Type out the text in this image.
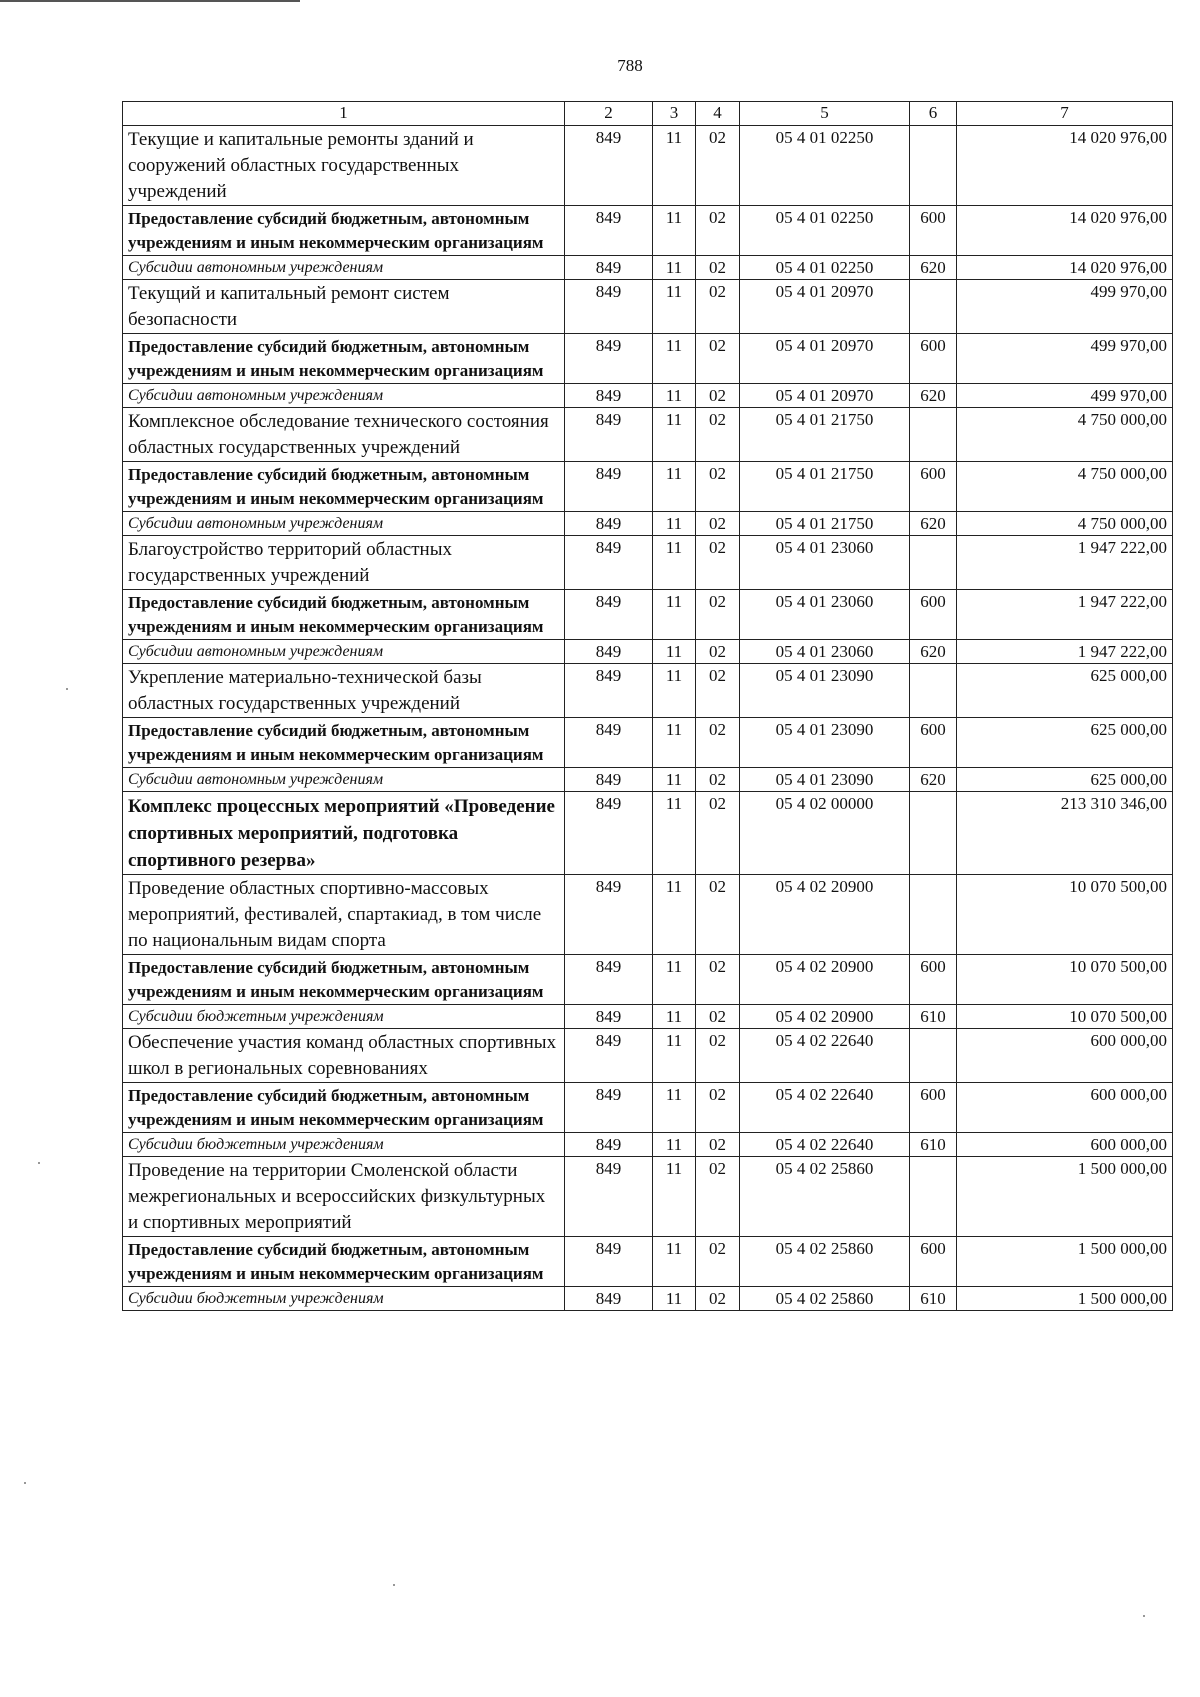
788
1	2	3	4	5	6	7
Текущие и капитальные ремонты зданий и сооружений областных государственных учреждений	849	11	02	05 4 01 02250		14 020 976,00
Предоставление субсидий бюджетным, автономным учреждениям и иным некоммерческим организациям	849	11	02	05 4 01 02250	600	14 020 976,00
Субсидии автономным учреждениям	849	11	02	05 4 01 02250	620	14 020 976,00
Текущий и капитальный ремонт систем безопасности	849	11	02	05 4 01 20970		499 970,00
Предоставление субсидий бюджетным, автономным учреждениям и иным некоммерческим организациям	849	11	02	05 4 01 20970	600	499 970,00
Субсидии автономным учреждениям	849	11	02	05 4 01 20970	620	499 970,00
Комплексное обследование технического состояния областных государственных учреждений	849	11	02	05 4 01 21750		4 750 000,00
Предоставление субсидий бюджетным, автономным учреждениям и иным некоммерческим организациям	849	11	02	05 4 01 21750	600	4 750 000,00
Субсидии автономным учреждениям	849	11	02	05 4 01 21750	620	4 750 000,00
Благоустройство территорий областных государственных учреждений	849	11	02	05 4 01 23060		1 947 222,00
Предоставление субсидий бюджетным, автономным учреждениям и иным некоммерческим организациям	849	11	02	05 4 01 23060	600	1 947 222,00
Субсидии автономным учреждениям	849	11	02	05 4 01 23060	620	1 947 222,00
Укрепление материально-технической базы областных государственных учреждений	849	11	02	05 4 01 23090		625 000,00
Предоставление субсидий бюджетным, автономным учреждениям и иным некоммерческим организациям	849	11	02	05 4 01 23090	600	625 000,00
Субсидии автономным учреждениям	849	11	02	05 4 01 23090	620	625 000,00
Комплекс процессных мероприятий «Проведение спортивных мероприятий, подготовка спортивного резерва»	849	11	02	05 4 02 00000		213 310 346,00
Проведение областных спортивно-массовых мероприятий, фестивалей, спартакиад, в том числе по национальным видам спорта	849	11	02	05 4 02 20900		10 070 500,00
Предоставление субсидий бюджетным, автономным учреждениям и иным некоммерческим организациям	849	11	02	05 4 02 20900	600	10 070 500,00
Субсидии бюджетным учреждениям	849	11	02	05 4 02 20900	610	10 070 500,00
Обеспечение участия команд областных спортивных школ в региональных соревнованиях	849	11	02	05 4 02 22640		600 000,00
Предоставление субсидий бюджетным, автономным учреждениям и иным некоммерческим организациям	849	11	02	05 4 02 22640	600	600 000,00
Субсидии бюджетным учреждениям	849	11	02	05 4 02 22640	610	600 000,00
Проведение на территории Смоленской области межрегиональных и всероссийских физкультурных и спортивных мероприятий	849	11	02	05 4 02 25860		1 500 000,00
Предоставление субсидий бюджетным, автономным учреждениям и иным некоммерческим организациям	849	11	02	05 4 02 25860	600	1 500 000,00
Субсидии бюджетным учреждениям	849	11	02	05 4 02 25860	610	1 500 000,00
